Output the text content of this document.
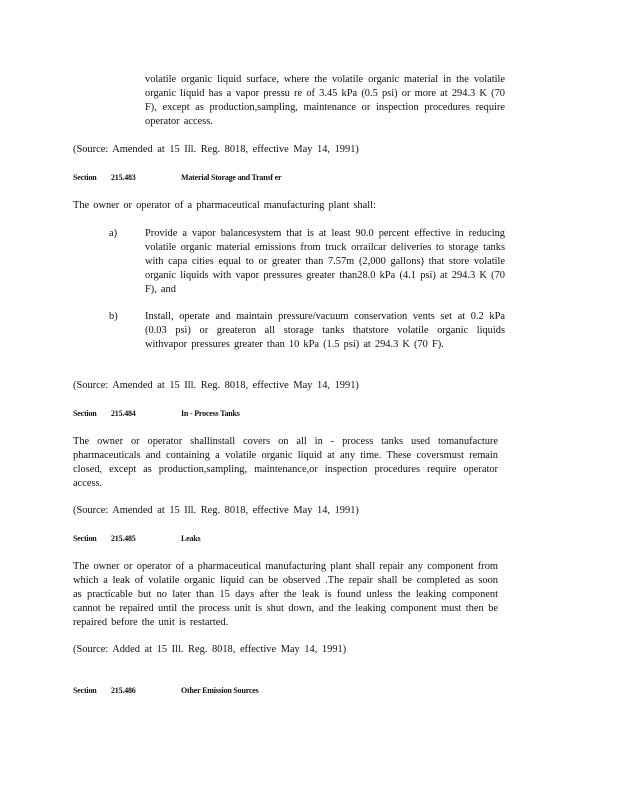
volatile organic liquid surface, where the volatile organic material in the volatile organic liquid has a vapor pressu re of 3.45 kPa (0.5 psi) or more at 294.3 K (70 F), except as production,sampling, maintenance or inspection procedures require operator access.
(Source: Amended at 15 Ill. Reg. 8018, effective May 14, 1991)
Section 215.483	Material Storage and Transf er
The owner or operator of a pharmaceutical manufacturing plant shall:
a)	Provide a vapor balancesystem that is at least 90.0 percent effective in reducing volatile organic material emissions from truck orrailcar deliveries to storage tanks with capa cities equal to or greater than 7.57m (2,000 gallons) that store volatile organic liquids with vapor pressures greater than28.0 kPa (4.1 psi) at 294.3 K (70 F), and
b)	Install, operate and maintain pressure/vacuum conservation vents set at 0.2 kPa (0.03 psi) or greateron all storage tanks thatstore volatile organic liquids withvapor pressures greater than 10 kPa (1.5 psi) at 294.3 K (70 F).
(Source: Amended at 15 Ill. Reg. 8018, effective May 14, 1991)
Section 215.484	In - Process Tanks
The owner or operator shallinstall covers on all in - process tanks used tomanufacture pharmaceuticals and containing a volatile organic liquid at any time. These coversmust remain closed, except as production,sampling, maintenance,or inspection procedures require operator access.
(Source: Amended at 15 Ill. Reg. 8018, effective May 14, 1991)
Section 215.485	Leaks
The owner or operator of a pharmaceutical manufacturing plant shall repair any component from which a leak of volatile organic liquid can be observed .The repair shall be completed as soon as practicable but no later than 15 days after the leak is found unless the leaking component cannot be repaired until the process unit is shut down, and the leaking component must then be repaired before the unit is restarted.
(Source: Added at 15 Ill. Reg. 8018, effective May 14, 1991)
Section 215.486	Other Emission Sources
